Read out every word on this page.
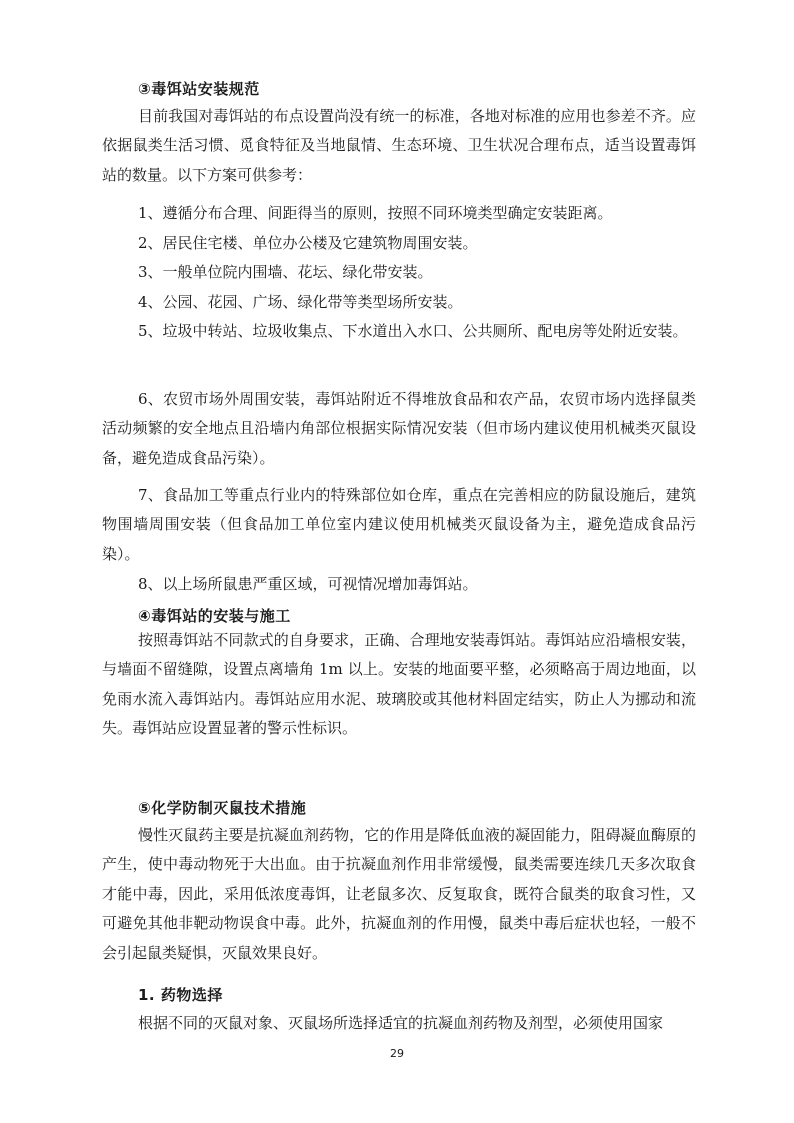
③毒饵站安装规范
目前我国对毒饵站的布点设置尚没有统一的标准，各地对标准的应用也参差不齐。应依据鼠类生活习惯、觅食特征及当地鼠情、生态环境、卫生状况合理布点，适当设置毒饵站的数量。以下方案可供参考：
1、遵循分布合理、间距得当的原则，按照不同环境类型确定安装距离。
2、居民住宅楼、单位办公楼及它建筑物周围安装。
3、一般单位院内围墙、花坛、绿化带安装。
4、公园、花园、广场、绿化带等类型场所安装。
5、垃圾中转站、垃圾收集点、下水道出入水口、公共厕所、配电房等处附近安装。
6、农贸市场外周围安装，毒饵站附近不得堆放食品和农产品，农贸市场内选择鼠类活动频繁的安全地点且沿墙内角部位根据实际情况安装（但市场内建议使用机械类灭鼠设备，避免造成食品污染）。
7、食品加工等重点行业内的特殊部位如仓库，重点在完善相应的防鼠设施后，建筑物围墙周围安装（但食品加工单位室内建议使用机械类灭鼠设备为主，避免造成食品污染）。
8、以上场所鼠患严重区域，可视情况增加毒饵站。
④毒饵站的安装与施工
按照毒饵站不同款式的自身要求，正确、合理地安装毒饵站。毒饵站应沿墙根安装，与墙面不留缝隙，设置点离墙角 1m 以上。安装的地面要平整，必须略高于周边地面，以免雨水流入毒饵站内。毒饵站应用水泥、玻璃胶或其他材料固定结实，防止人为挪动和流失。毒饵站应设置显著的警示性标识。
⑤化学防制灭鼠技术措施
慢性灭鼠药主要是抗凝血剂药物，它的作用是降低血液的凝固能力，阻碍凝血酶原的产生，使中毒动物死于大出血。由于抗凝血剂作用非常缓慢，鼠类需要连续几天多次取食才能中毒，因此，采用低浓度毒饵，让老鼠多次、反复取食，既符合鼠类的取食习性，又可避免其他非靶动物误食中毒。此外，抗凝血剂的作用慢，鼠类中毒后症状也轻，一般不会引起鼠类疑惧，灭鼠效果良好。
1. 药物选择
根据不同的灭鼠对象、灭鼠场所选择适宜的抗凝血剂药物及剂型，必须使用国家
29
